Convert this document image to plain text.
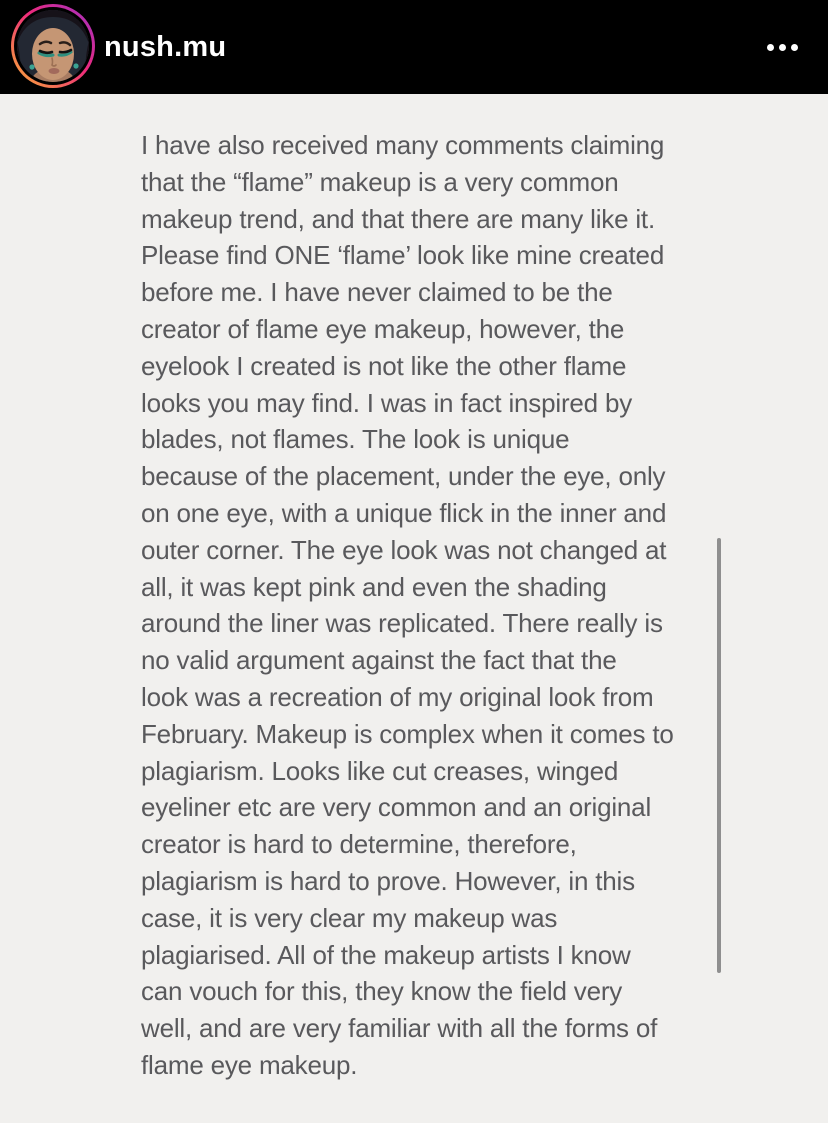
nush.mu
I have also received many comments claiming
that the “flame” makeup is a very common
makeup trend, and that there are many like it.
Please find ONE ‘flame’ look like mine created
before me. I have never claimed to be the
creator of flame eye makeup, however, the
eyelook I created is not like the other flame
looks you may find. I was in fact inspired by
blades, not flames. The look is unique
because of the placement, under the eye, only
on one eye, with a unique flick in the inner and
outer corner. The eye look was not changed at
all, it was kept pink and even the shading
around the liner was replicated. There really is
no valid argument against the fact that the
look was a recreation of my original look from
February. Makeup is complex when it comes to
plagiarism. Looks like cut creases, winged
eyeliner etc are very common and an original
creator is hard to determine, therefore,
plagiarism is hard to prove. However, in this
case, it is very clear my makeup was
plagiarised. All of the makeup artists I know
can vouch for this, they know the field very
well, and are very familiar with all the forms of
flame eye makeup.
